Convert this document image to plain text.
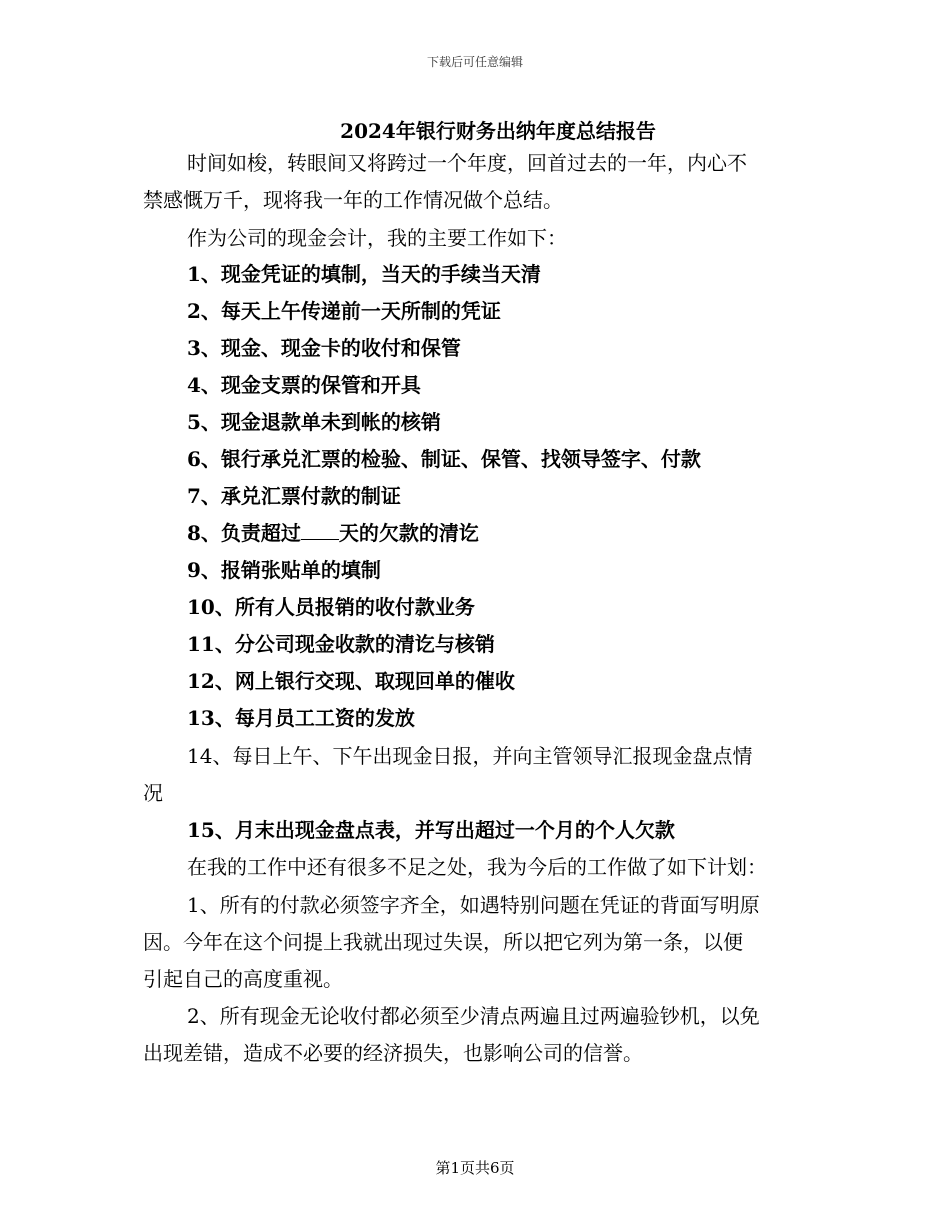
下载后可任意编辑
2024年银行财务出纳年度总结报告
时间如梭，转眼间又将跨过一个年度，回首过去的一年，内心不
禁感慨万千，现将我一年的工作情况做个总结。
作为公司的现金会计，我的主要工作如下：
1、现金凭证的填制，当天的手续当天清
2、每天上午传递前一天所制的凭证
3、现金、现金卡的收付和保管
4、现金支票的保管和开具
5、现金退款单未到帐的核销
6、银行承兑汇票的检验、制证、保管、找领导签字、付款
7、承兑汇票付款的制证
8、负责超过 天的欠款的清讫
9、报销张贴单的填制
10、所有人员报销的收付款业务
11、分公司现金收款的清讫与核销
12、网上银行交现、取现回单的催收
13、每月员工工资的发放
14、每日上午、下午出现金日报，并向主管领导汇报现金盘点情
况
15、月末出现金盘点表，并写出超过一个月的个人欠款
在我的工作中还有很多不足之处，我为今后的工作做了如下计划：
1、所有的付款必须签字齐全，如遇特别问题在凭证的背面写明原
因。今年在这个问提上我就出现过失误，所以把它列为第一条，以便
引起自己的高度重视。
2、所有现金无论收付都必须至少清点两遍且过两遍验钞机，以免
出现差错，造成不必要的经济损失，也影响公司的信誉。
第1页共6页
